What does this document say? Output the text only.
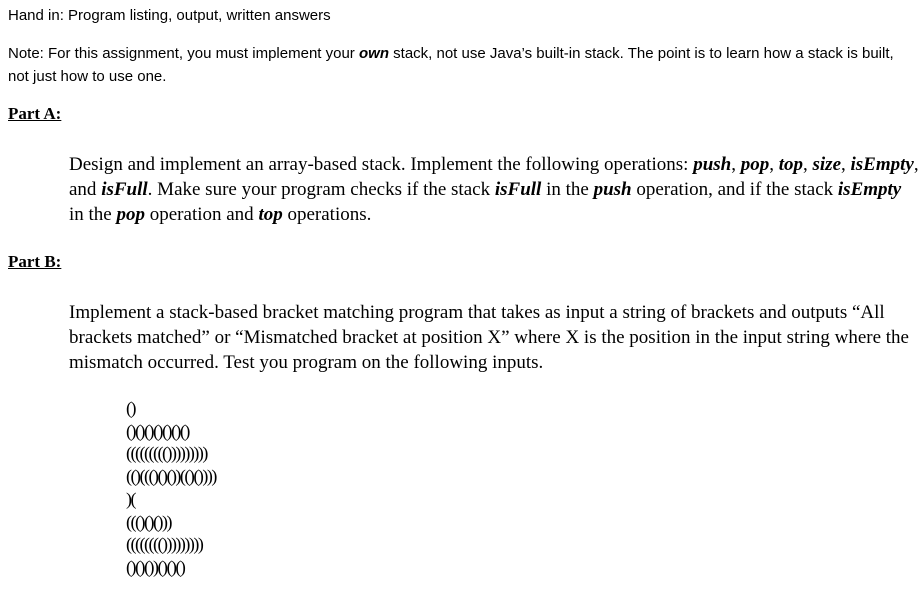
Hand in: Program listing, output, written answers
Note: For this assignment, you must implement your own stack, not use Java’s built-in stack. The point is to learn how a stack is built, not just how to use one.
Part A:
Design and implement an array-based stack. Implement the following operations: push, pop, top, size, isEmpty, and isFull. Make sure your program checks if the stack isFull in the push operation, and if the stack isEmpty in the pop operation and top operations.
Part B:
Implement a stack-based bracket matching program that takes as input a string of brackets and outputs “All brackets matched” or “Mismatched bracket at position X” where X is the position in the input string where the mismatch occurred. Test you program on the following inputs.
()
()()()()()()()
((((((((()))))))))
(()((()()())(()())))
)(
((()()()))
(((((((()))))))))
()()())()()()
